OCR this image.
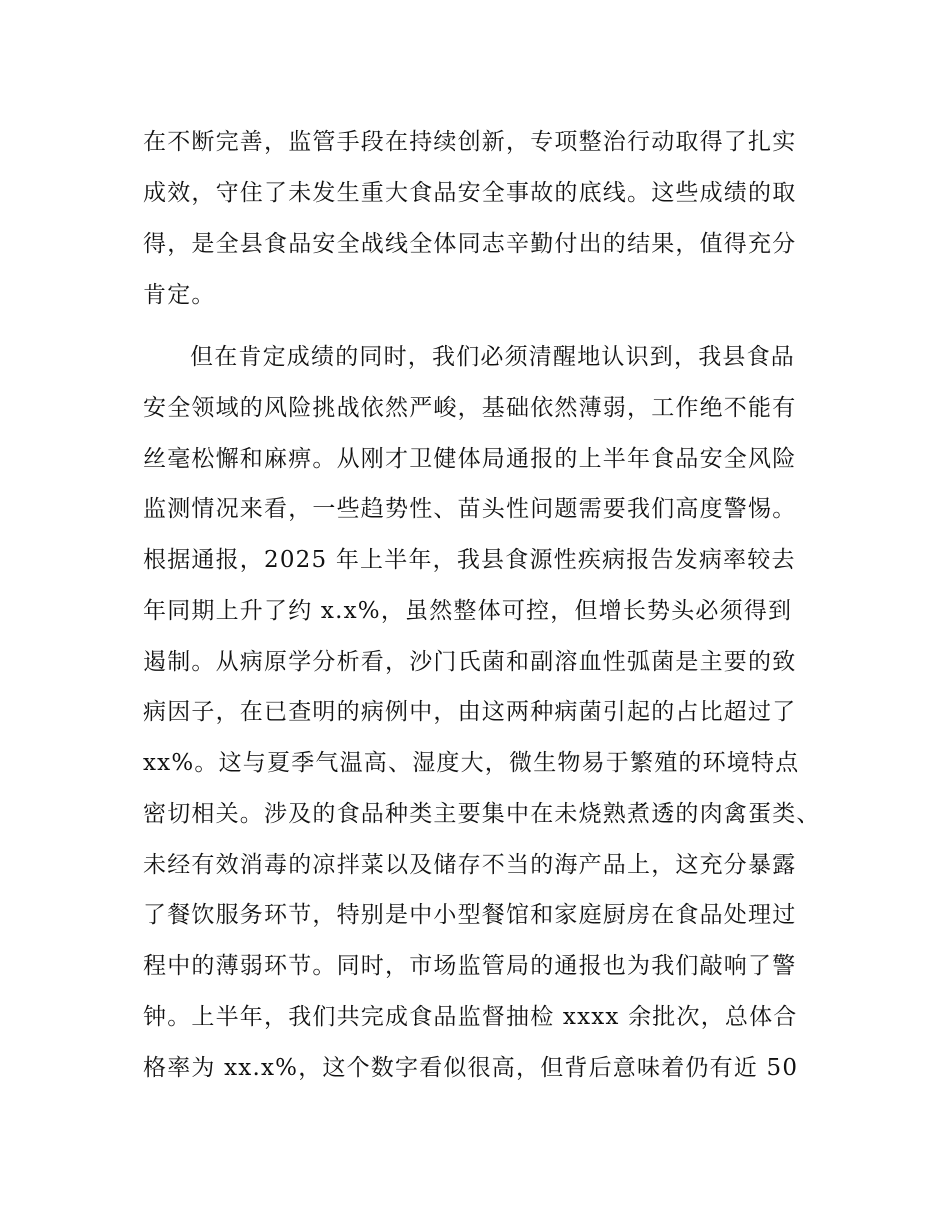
在不断完善，监管手段在持续创新，专项整治行动取得了扎实
成效，守住了未发生重大食品安全事故的底线。这些成绩的取
得，是全县食品安全战线全体同志辛勤付出的结果，值得充分
肯定。
但在肯定成绩的同时，我们必须清醒地认识到，我县食品
安全领域的风险挑战依然严峻，基础依然薄弱，工作绝不能有
丝毫松懈和麻痹。从刚才卫健体局通报的上半年食品安全风险
监测情况来看，一些趋势性、苗头性问题需要我们高度警惕。
根据通报，2025 年上半年，我县食源性疾病报告发病率较去
年同期上升了约 x.x%，虽然整体可控，但增长势头必须得到
遏制。从病原学分析看，沙门氏菌和副溶血性弧菌是主要的致
病因子，在已查明的病例中，由这两种病菌引起的占比超过了
xx%。这与夏季气温高、湿度大，微生物易于繁殖的环境特点
密切相关。涉及的食品种类主要集中在未烧熟煮透的肉禽蛋类、
未经有效消毒的凉拌菜以及储存不当的海产品上，这充分暴露
了餐饮服务环节，特别是中小型餐馆和家庭厨房在食品处理过
程中的薄弱环节。同时，市场监管局的通报也为我们敲响了警
钟。上半年，我们共完成食品监督抽检 xxxx 余批次，总体合
格率为 xx.x%，这个数字看似很高，但背后意味着仍有近 50
